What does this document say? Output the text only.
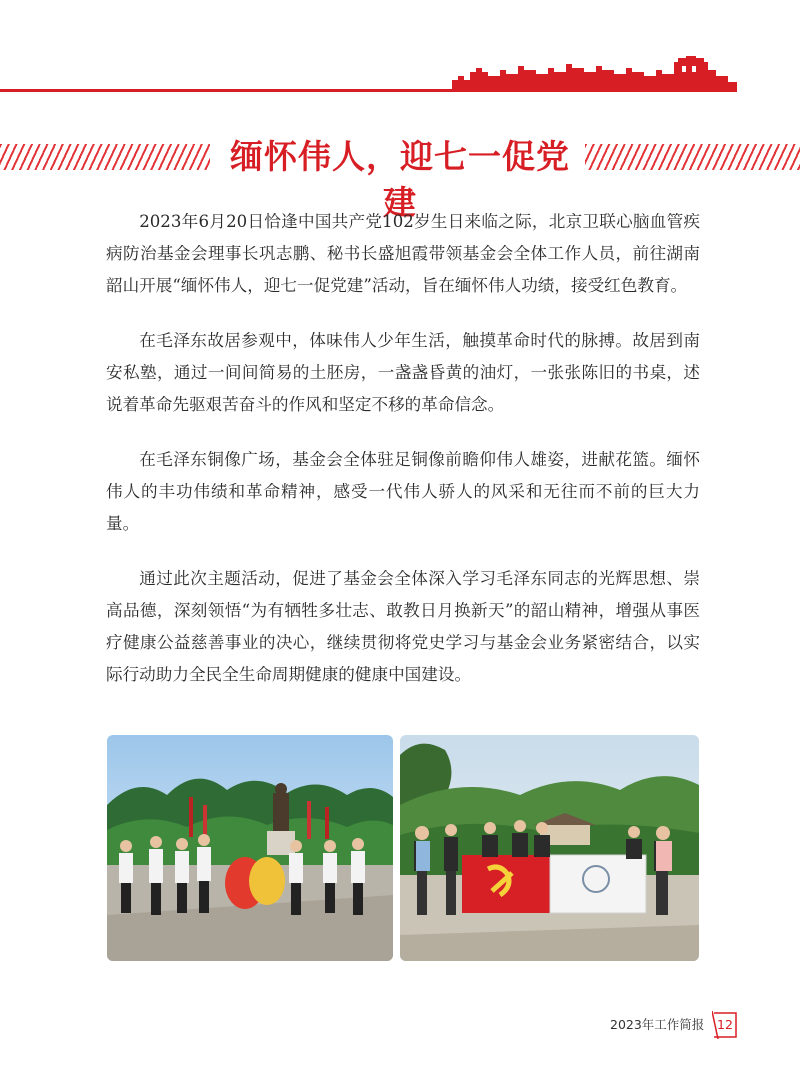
缅怀伟人，迎七一促党建

2023年6月20日恰逢中国共产党102岁生日来临之际，北京卫联心脑血管疾病防治基金会理事长巩志鹏、秘书长盛旭霞带领基金会全体工作人员，前往湖南韶山开展“缅怀伟人，迎七一促党建”活动，旨在缅怀伟人功绩，接受红色教育。

在毛泽东故居参观中，体味伟人少年生活，触摸革命时代的脉搏。故居到南安私塾，通过一间间简易的土胚房，一盏盏昏黄的油灯，一张张陈旧的书桌，述说着革命先驱艰苦奋斗的作风和坚定不移的革命信念。

在毛泽东铜像广场，基金会全体驻足铜像前瞻仰伟人雄姿，进献花篮。缅怀伟人的丰功伟绩和革命精神，感受一代伟人骄人的风采和无往而不前的巨大力量。

通过此次主题活动，促进了基金会全体深入学习毛泽东同志的光辉思想、崇高品德，深刻领悟“为有牺牲多壮志、敢教日月换新天”的韶山精神，增强从事医疗健康公益慈善事业的决心，继续贯彻将党史学习与基金会业务紧密结合，以实际行动助力全民全生命周期健康的健康中国建设。

2023年工作简报 12
